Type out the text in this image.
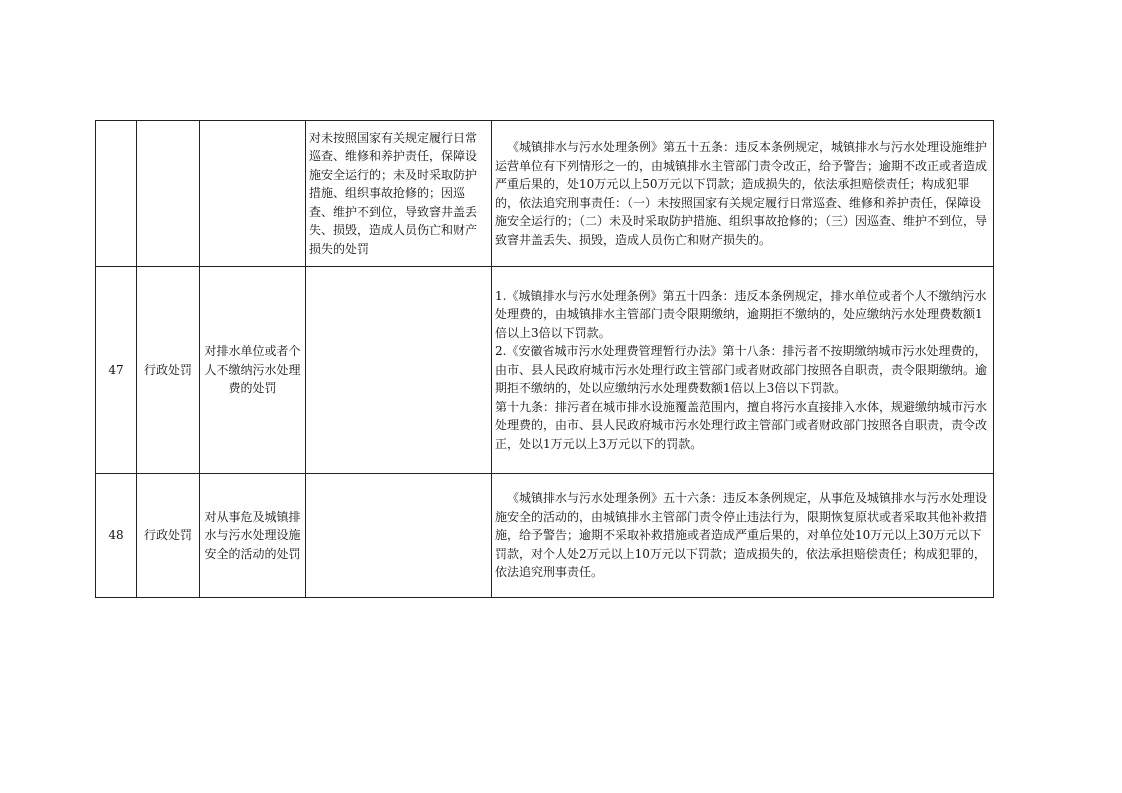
			对未按照国家有关规定履行日常巡查、维修和养护责任，保障设施安全运行的；未及时采取防护措施、组织事故抢修的；因巡查、维护不到位，导致窨井盖丢失、损毁，造成人员伤亡和财产损失的处罚	《城镇排水与污水处理条例》第五十五条：违反本条例规定，城镇排水与污水处理设施维护运营单位有下列情形之一的，由城镇排水主管部门责令改正，给予警告；逾期不改正或者造成严重后果的，处10万元以上50万元以下罚款；造成损失的，依法承担赔偿责任；构成犯罪的，依法追究刑事责任：（一）未按照国家有关规定履行日常巡查、维修和养护责任，保障设施安全运行的；（二）未及时采取防护措施、组织事故抢修的；（三）因巡查、维护不到位，导致窨井盖丢失、损毁，造成人员伤亡和财产损失的。

47	行政处罚	对排水单位或者个人不缴纳污水处理费的处罚		1.《城镇排水与污水处理条例》第五十四条：违反本条例规定，排水单位或者个人不缴纳污水处理费的，由城镇排水主管部门责令限期缴纳，逾期拒不缴纳的，处应缴纳污水处理费数额1倍以上3倍以下罚款。
2.《安徽省城市污水处理费管理暂行办法》第十八条：排污者不按期缴纳城市污水处理费的，由市、县人民政府城市污水处理行政主管部门或者财政部门按照各自职责，责令限期缴纳。逾期拒不缴纳的，处以应缴纳污水处理费数额1倍以上3倍以下罚款。
第十九条：排污者在城市排水设施覆盖范围内，擅自将污水直接排入水体，规避缴纳城市污水处理费的，由市、县人民政府城市污水处理行政主管部门或者财政部门按照各自职责，责令改正，处以1万元以上3万元以下的罚款。

48	行政处罚	对从事危及城镇排水与污水处理设施安全的活动的处罚		《城镇排水与污水处理条例》五十六条：违反本条例规定，从事危及城镇排水与污水处理设施安全的活动的，由城镇排水主管部门责令停止违法行为，限期恢复原状或者采取其他补救措施，给予警告；逾期不采取补救措施或者造成严重后果的，对单位处10万元以上30万元以下罚款，对个人处2万元以上10万元以下罚款；造成损失的，依法承担赔偿责任；构成犯罪的，依法追究刑事责任。
